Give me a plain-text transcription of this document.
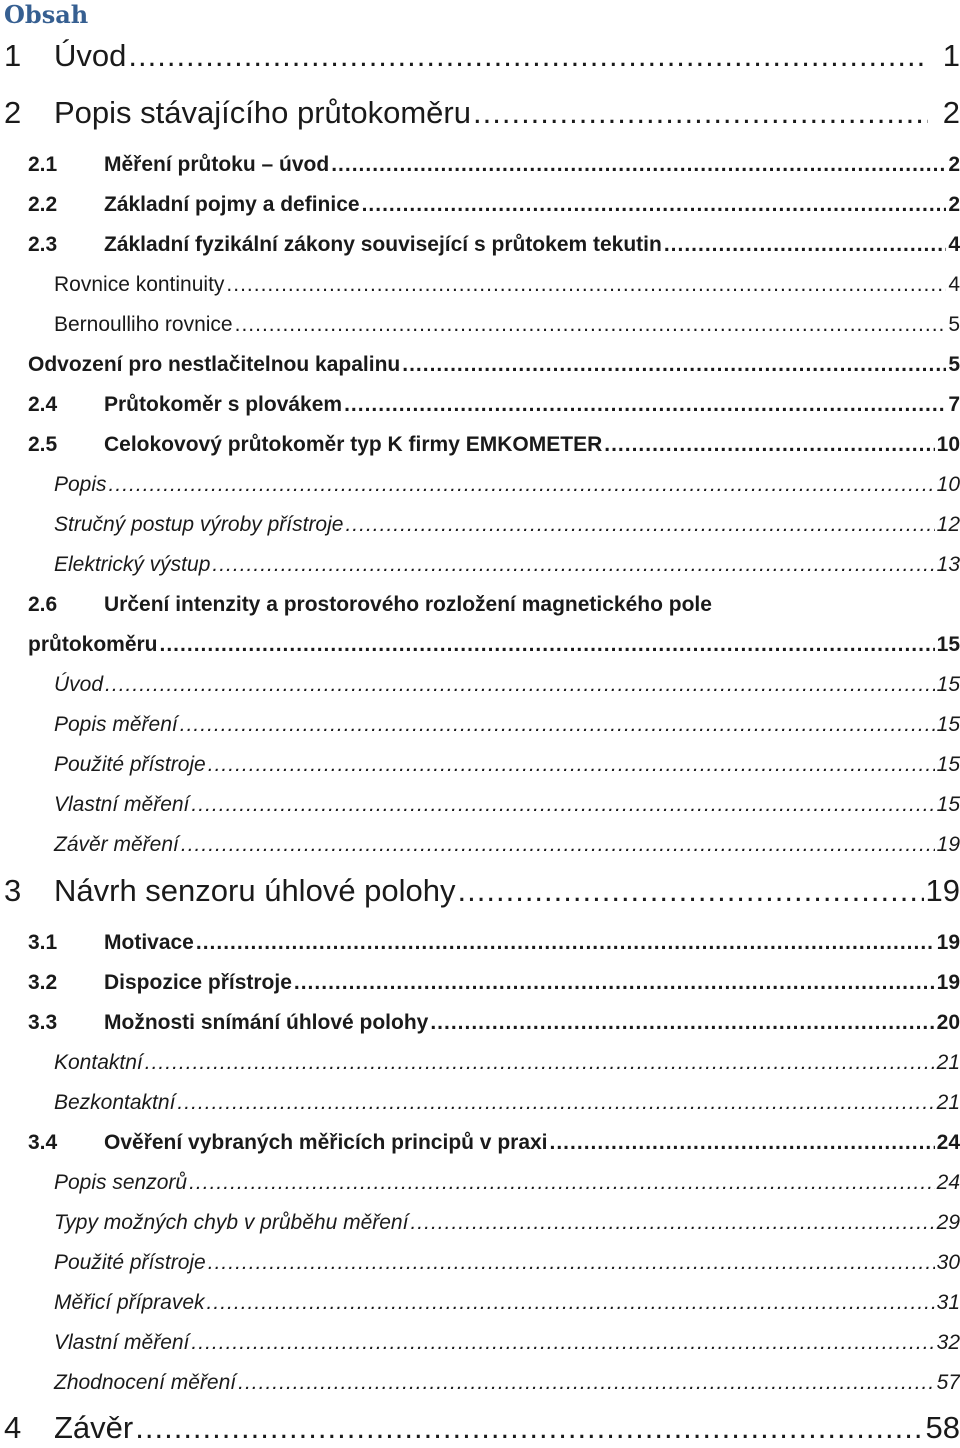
Obsah
1	Úvod .....	1
2	Popis stávajícího průtokoměru .....	2
2.1	Měření průtoku – úvod .....	2
2.2	Základní pojmy a definice .....	2
2.3	Základní fyzikální zákony související s průtokem tekutin .....	4
Rovnice kontinuity .....	4
Bernoulliho rovnice .....	5
Odvození pro nestlačitelnou kapalinu .....	5
2.4	Průtokoměr s plovákem .....	7
2.5	Celokovový průtokoměr typ K firmy EMKOMETER .....	10
Popis .....	10
Stručný postup výroby přístroje .....	12
Elektrický výstup .....	13
2.6	Určení intenzity a prostorového rozložení magnetického pole
průtokoměru .....	15
Úvod .....	15
Popis měření .....	15
Použité přístroje .....	15
Vlastní měření .....	15
Závěr měření .....	19
3	Návrh senzoru úhlové polohy .....	19
3.1	Motivace .....	19
3.2	Dispozice přístroje .....	19
3.3	Možnosti snímání úhlové polohy .....	20
Kontaktní .....	21
Bezkontaktní .....	21
3.4	Ověření vybraných měřicích principů v praxi .....	24
Popis senzorů .....	24
Typy možných chyb v průběhu měření .....	29
Použité přístroje .....	30
Měřicí přípravek .....	31
Vlastní měření .....	32
Zhodnocení měření .....	57
4	Závěr .....	58
